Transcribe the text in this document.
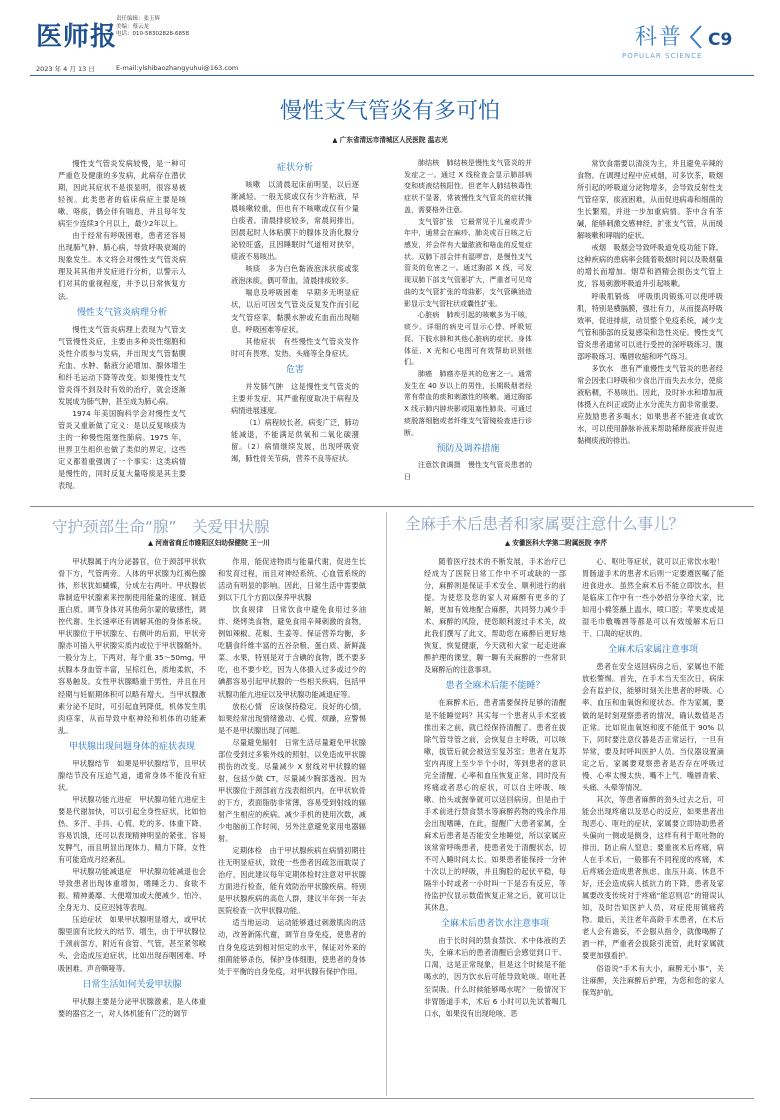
医师报
责任编辑：张玉辉
美编：蔡云龙
电话：010-58302828-6858
2023 年 4 月 13 日	E-mail:ylshibaozhangyuhui@163.com
科普
POPULAR SCIENCE
C9
慢性支气管炎有多可怕
▲ 广东省清远市清城区人民医院 温志光

慢性支气管炎发病较慢，是一种可严重危及健康的多发病，此病存在潜伏期，因此其症状不是很显明，很容易被轻视。此类患者的临床病症主要是咳嗽、咯痰，偶会伴有喘息，并且每年发病至少连续3个月以上，最少2年以上。

由于经常有呼吸困难，患者还容易出现肺气肿、肺心病，导致呼吸衰竭的现象发生。本文将会对慢性支气管炎病理及其其他并发症进行分析，以警示人们对其的重视程度，并予以日常恢复方法。

慢性支气管炎病理分析

慢性支气管炎病理上表现为气管支气管慢性炎症，主要由多种炎性细胞和炎性介质参与发病，并出现支气管黏膜充血、水肿、黏液分泌增加、腺体增生和纤毛运动下降等改变。如果慢性支气管炎得不到及时有效的治疗，就会逐渐发展成为肺气肿，甚至成为肺心病。

1974 年美国胸科学会对慢性支气管炎又重新做了定义：是以反复咳痰为主的一种慢性阻塞性肺病。1975 年，世界卫生组织也做了类似的界定。这些定义都着重强调了一个事实：这类病情是慢性的，同时反复大量咯痰是其主要表现。

症状分析

咳嗽　以清晨起床前明显，以后逐渐减轻。一般无痰或仅有少许粘液，早晨咳嗽较重，但也有不咳嗽或仅有少量白痰者。清晨排痰较多，常晨间排出，因晨起时人体粘膜下的腺体及消化腺分泌较旺盛，且因睡眠时气道相对狭窄，痰液不易咳出。

咳痰　多为白色黏液泡沫状痰或浆液泡沫痰，偶可带血，清晨排痰较多。

喘息及呼吸困难　早期多无明显症状，以后可因支气管炎反复发作而引起支气管痉挛，黏膜水肿或充血而出现喘息、呼吸困难等症状。

其他症状　有些慢性支气管炎发作时可有畏寒、发热、头痛等全身症状。

危害

并发肺气肿　这是慢性支气管炎的主要并发症，其严重程度取决于病程及病情进展速度。

（1）病程较长者，病变广泛，肺功能减退，不能满足供氧和二氧化碳潴留。（2）病情继续发展，出现呼吸衰竭，肺性骨关节病，营养不良等症状。

肺结核　肺结核是慢性支气管炎的并发症之一。通过 X 线检查会显示肺部病变和痰液结核阳性，但老年人肺结核毒性症状不显著，常被慢性支气管炎的症状掩盖，需要格外注意。

支气管扩张　它最常见于儿童或青少年中，通常会在麻疹、肺炎或百日咳之后感发，并会伴有大量脓液和咯血的反复症状。双肺下部会伴有湿啰音，是慢性支气管炎的危害之一。通过胸部 X 线，可发现双肺下部支气管影扩大，严重者可见弯曲的支气管扩张的弯曲影，支气管碘油造影显示支气管柱状或囊性扩张。

心脏病　肺疾引起的咳嗽多为干咳，痰少。详细的病史可显示心悸、呼吸短促、下肢水肿和其他心脏病的症状。身体体征、X 光和心电图可有效帮助识别他们。

肺癌　肺癌亦是其的危害之一。通常发生在 40 岁以上的男性，长期吸烟者经常有带血的痰和刺激性的咳嗽。通过胸部 X 线示肺内肿块影或阻塞性肺炎。可通过痰脱落细胞或者纤维支气管镜检查进行诊断。

预防及调养措施

注意饮食调摄　慢性支气管炎患者的日

常饮食需要以清淡为主，并且避免辛辣的食物。在调理过程中应戒烟，可多饮茶，吸烟所引起的呼吸道分泌物增多，会导致反射性支气管痉挛，痰液困难，从而促进病毒和细菌的生长繁殖，并进一步加重病情。茶中含有茶碱，能够刺激交感神经，扩张支气管，从而缓解咳嗽和哮喘的症状。

戒烟　吸烟会导致呼吸道免疫功能下降。这种疾病的患病率会随着吸烟时间以及吸烟量的增长而增加。烟草和酒精会损伤支气管上皮，容易刺激呼吸道并引起咳嗽。

呼吸肌锻炼　呼吸肌肉锻炼可以使呼吸肌，特别是横膈膜，强壮有力，从而提高呼吸效率，促进排痰，动员整个免疫系统，减少支气管和肺部的反复感染和急性炎症。慢性支气管炎患者通常可以进行受控的深呼吸练习、腹部呼吸练习、嘴唇收缩和呼气练习。

多饮水　患有严重慢性支气管炎的患者经常会因张口呼吸和少食出汗而失去水分，使痰液粘稠，不易咳出。因此，及时补水和增加液体摄入在纠正或防止水分流失方面非常重要。应鼓励患者多喝水；如果患者不能进食或饮水，可以使用静脉补液来帮助稀释痰液并促进黏稠痰液的排出。

守护颈部生命“腺”　关爱甲状腺
▲ 河南省商丘市睢阳区妇幼保健院 王一川

甲状腺属于内分泌器官，位于颈部甲状软骨下方，气管两旁。人体的甲状腺为红褐色腺体，形状犹如蝴蝶，分成左右两叶。甲状腺依靠制造甲状腺素来控制使用能量的速度、制造蛋白质、调节身体对其他荷尔蒙的敏感性，调控代谢、生长速率还有调解其他的身体系统。甲状腺位于甲状腺左、右侧叶的后面，甲状旁腺亦可插入甲状腺实质内或位于甲状腺鞘外。一般分为上、下两对，每个重 35～50mg。甲状腺本身血管丰富，呈棕红色，质地柔软，不容易触及。女性甲状腺略重于男性，并且在月经期与妊娠期体积可以略有增大。当甲状腺激素分泌不足时，可引起血钙降低，机体发生肌肉痉挛，从而导致中枢神经和机体的功能紊乱。

甲状腺出现问题身体的症状表现

甲状腺结节　如果是甲状腺结节，且甲状腺结节没有压迫气道，通常身体不能没有症状。

甲状腺功能亢进症　甲状腺功能亢进症主要是代谢加快，可以引起全身性症状，比如怕热、多汗、手抖、心慌、吃的多、体重下降、容易饥饿，还可以表现精神明显的紧张、容易发脾气，而且明显出现体力、精力下降，女性有可能造成月经紊乱。

甲状腺功能减退症　甲状腺功能减退也会导致患者出现体重增加，嗜睡乏力、食欲不振、精神萎靡、大便增加或大便减少、怕冷、全身无力、反应迟钝等表现。

压迫症状　如果甲状腺明显增大，或甲状腺里面有比较大的结节、增生，由于甲状腺位于颈前部方，附近有食管、气管，甚至紧邻喉头，会造成压迫症状，比如出现吞咽困难、呼吸困难、声音嘶哑等。

日常生活如何关爱甲状腺

甲状腺主要是分泌甲状腺激素，是人体重要的器官之一，对人体机能有广泛的调节

作用，能促进物质与能量代谢，促进生长和发育过程，而且对神经系统、心血管系统的活动有明显的影响。因此，日常生活中需要做到以下几个方面以保养甲状腺

饮食规律　日常饮食中避免食用过多油炸、烧烤类食物，避免食用辛辣刺激的食物，例如辣椒、花椒、生姜等。保证营养均衡，多吃膳食纤维丰富的五谷杂粮、蛋白质、新鲜蔬菜、水果，特别是对于含碘的食物，既不要多吃，也不要少吃，因为人体摄入过多或过少的碘都容易引起甲状腺的一些相关疾病，包括甲状腺功能亢进症以及甲状腺功能减退症等。

放松心情　应该保持稳定、良好的心情，如果经常出现情绪激动、心慌、烦躁，应警惕是不是甲状腺出现了问题。

尽量避免辐射　日常生活尽量避免甲状腺部位受到过多紫外线的照射，以免造成甲状腺损伤的改变。尽量减少 X 射线对甲状腺的辐射，包括少做 CT，尽量减少胸部透视。因为甲状腺位于颈部前方浅表组织内，在甲状软骨的下方，表面脂肪非常薄，容易受到射线的辐射产生相应的疾病。减少手机的使用次数，减少电脑前工作时间，另外注意避免家用电器辐射。

定期体检　由于甲状腺疾病在病情初期往往无明显症状，致使一些患者因疏忽而耽误了治疗，因此建议每年定期体检时注意对甲状腺方面进行检查，能有效防治甲状腺疾病。特别是甲状腺疾病的高危人群，建议半年到一年去医院检查一次甲状腺功能。

适当地运动　运动能够通过刺激肌肉的活动，改善新陈代谢，调节自身免疫，使患者的自身免疫达到相对恒定的水平，保证对外来的细菌能够杀伤，保护身体细胞，使患者的身体处于平衡的自身免疫，对甲状腺有保护作用。

全麻手术后患者和家属要注意什么事儿？
▲ 安徽医科大学第二附属医院 李芹

随着医疗技术的不断发展，手术治疗已经成为了医院日常工作中不可或缺的一部分，麻醉则是保证手术安全、顺利进行的前提。为使您及您的家人对麻醉有更多的了解，更加有效地配合麻醉，共同努力减少手术、麻醉的风险，使您顺利渡过手术关，故此我们撰写了此文，帮助您在麻醉后更好地恢复，恢复健康，今天就和大家一起走进麻醉护理的课堂，聊一聊有关麻醉的一些常识及麻醉后的注意事项。

患者全麻术后能不能睡？

在麻醉术后，患者需要保持足够的清醒是不能睡觉吗？其实每一个患者从手术室被推出来之前，就已经保持清醒了。患者在拔除气管导管之前，会恢复自主呼吸，可以咳嗽，拔管后就会被送至复苏室；患者在复苏室内再度上至少半个小时，等到患者的意识完全清醒、心率和血压恢复正常、同时没有疼痛或者恶心的症状，可以自主呼吸、咳嗽、抬头或握拳就可以送回病房，但是由于手术前进行禁食禁水等麻醉药物的残余作用会出现嗜睡，在此，提醒广大患者家属，全麻术后患者是否能安全地睡觉，所以家属应该常常呼唤患者，使患者处于清醒状态，切不可入睡时间太长。如果患者能保持一分钟十次以上的呼吸，并且胸腔的起伏平稳，每隔半小时或者一小时叫一下是否有反应，等待监护仪显示数值恢复正常之后，就可以让其休息。

全麻术后患者饮水注意事项

由于长时间的禁食禁饮、术中体液的丢失，全麻术后的患者清醒后会感觉到口干、口渴，这是正常现象，但是这个时候是不能喝水的，因为饮水后可能导致呛咳、呕吐甚至误吸。什么时候能够喝水呢？一般情况下非胃肠道手术，术后 6 小时可以先试着喝几口水，如果没有出现呛咳、恶

心、呕吐等症状，就可以正常饮水啦！胃肠道手术的患者术后则一定要遵医嘱了能进食进水。虽然全麻术后不能立即饮水，但是临床工作中有一些小妙招分享给大家，比如用小棉签蘸上温水，喷口腔；苹果皮或是湿毛巾敷嘴唇等都是可以有效缓解术后口干、口渴的症状的。

全麻术后家属注意事项

患者在安全返回病房之后，家属也不能放松警惕。首先，在手术当天至次日，病床会有监护仪，能够时刻关注患者的呼吸、心率、血压和血氧饱和度状态。作为家属，要做的是时刻观察患者的情况，确认数值是否正常。比如说血氧饱和度不能低于 90% 以下，同时要注意仪器是否正常运行，一旦有异常，要及时呼叫医护人员。当仪器设置滴定之后，家属要观察患者是否存在呼吸过慢、心率太慢太快、嘴不上气、嘴唇青紫、头痛、头晕等情况。

其次，等患者麻醉的劲头过去之后，可能会出现疼痛以及恶心的反应，如果患者出现恶心、呕吐的症状，家属要立即协助患者头偏向一侧或是侧身，这样有利于呕吐物的排出，防止病人窒息；要重视术后疼痛，病人在手术后，一般都有不同程度的疼痛，术后疼痛会造成患者焦虑、血压升高、休息不好，还会造成病人抵抗力的下降，患者及家属要改变传统对于疼痛“能忍则忍”的错误认知，及时告知医护人员，对症使用镇痛药物。最后，关注老年高龄手术患者，在术后老人会有谵妄，不会服从指令，就像喝醉了酒一样，严重者会拔除引流管，此时家属就要更加强看护。

俗语说“手术有大小，麻醉无小事”，关注麻醉，关注麻醉后护理，为您和您的家人保驾护航。
